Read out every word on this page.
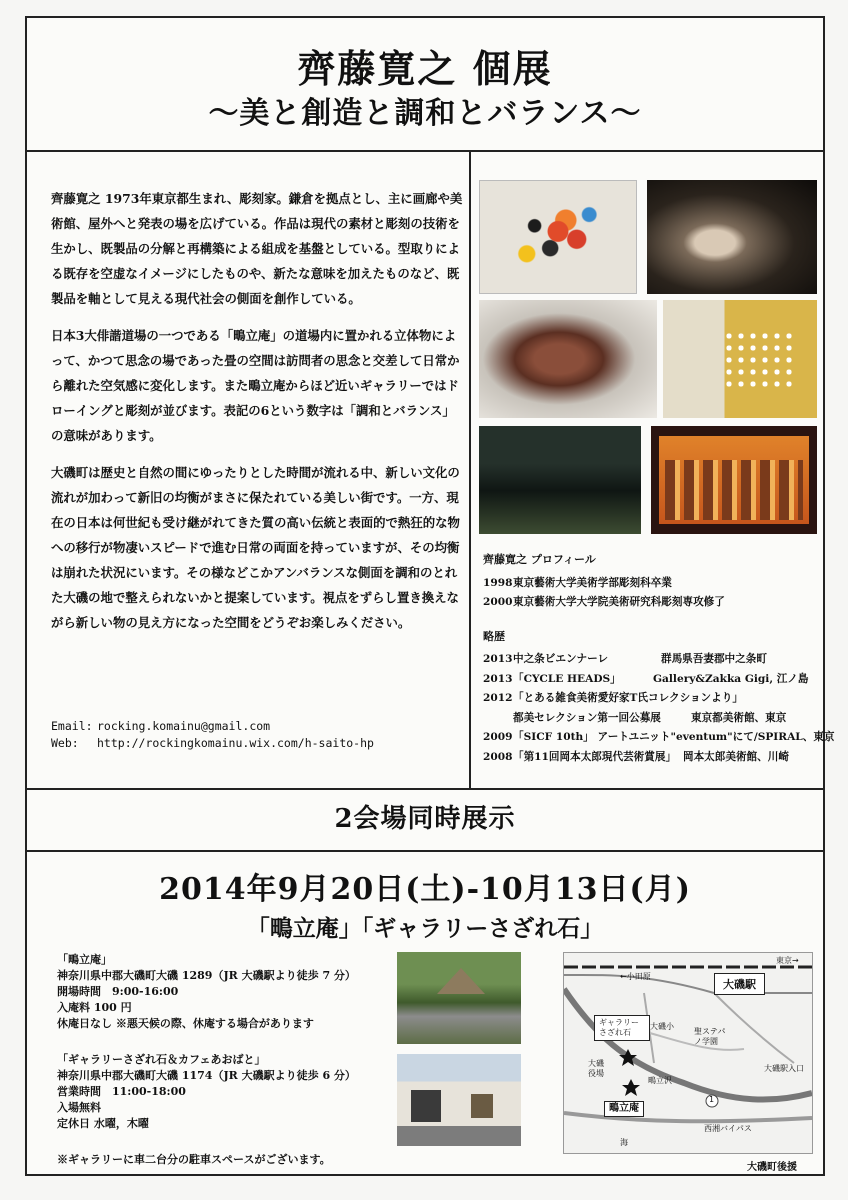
齊藤寛之 個展
〜美と創造と調和とバランス〜

齊藤寛之 1973年東京都生まれ、彫刻家。鎌倉を拠点とし、主に画廊や美術館、屋外へと発表の場を広げている。作品は現代の素材と彫刻の技術を生かし、既製品の分解と再構築による組成を基盤としている。型取りによる既存を空虚なイメージにしたものや、新たな意味を加えたものなど、既製品を軸として見える現代社会の側面を創作している。

日本3大俳諧道場の一つである「鴫立庵」の道場内に置かれる立体物によって、かつて思念の場であった畳の空間は訪問者の思念と交差して日常から離れた空気感に変化します。また鴫立庵からほど近いギャラリーではドローイングと彫刻が並びます。表記の6という数字は「調和とバランス」の意味があります。

大磯町は歴史と自然の間にゆったりとした時間が流れる中、新しい文化の流れが加わって新旧の均衡がまさに保たれている美しい街です。一方、現在の日本は何世紀も受け継がれてきた質の高い伝統と表面的で熱狂的な物への移行が物凄いスピードで進む日常の両面を持っていますが、その均衡は崩れた状況にいます。その様などこかアンバランスな側面を調和のとれた大磯の地で整えられないかと提案しています。視点をずらし置き換えながら新しい物の見え方になった空間をどうぞお楽しみください。

Email: rocking.komainu@gmail.com
Web: http://rockingkomainu.wix.com/h-saito-hp
齊藤寛之 プロフィール
1998東京藝術大学美術学部彫刻科卒業
2000東京藝術大学大学院美術研究科彫刻専攻修了
略歴
2013中之条ビエンナーレ	群馬県吾妻郡中之条町
2013「CYCLE HEADS」	Gallery&Zakka Gigi, 江ノ島
2012「とある雑食美術愛好家T氏コレクションより」
都美セレクション第一回公募展	東京都美術館、東京
2009「SICF 10th」 アートユニット"eventum"にて/SPIRAL、東京
2008「第11回岡本太郎現代芸術賞展」 岡本太郎美術館、川崎
2会場同時展示
2014年9月20日(土)-10月13日(月)
「鴫立庵」「ギャラリーさざれ石」
「鴫立庵」
神奈川県中郡大磯町大磯 1289（JR 大磯駅より徒歩 7 分）
開場時間　9:00-16:00
入庵料 100 円
休庵日なし ※悪天候の際、休庵する場合があります
「ギャラリーさざれ石＆カフェあおばと」
神奈川県中郡大磯町大磯 1174（JR 大磯駅より徒歩 6 分）
営業時間　11:00-18:00
入場無料
定休日 水曜，木曜
※ギャラリーに車二台分の駐車スペースがございます。
←小田原
東京→
大磯駅
ギャラリーさざれ石
大磯小
聖ステパノ学園
大磯役場
鴫立沢
大磯駅入口
1
西湘バイパス
海
鴫立庵
大磯町後援
